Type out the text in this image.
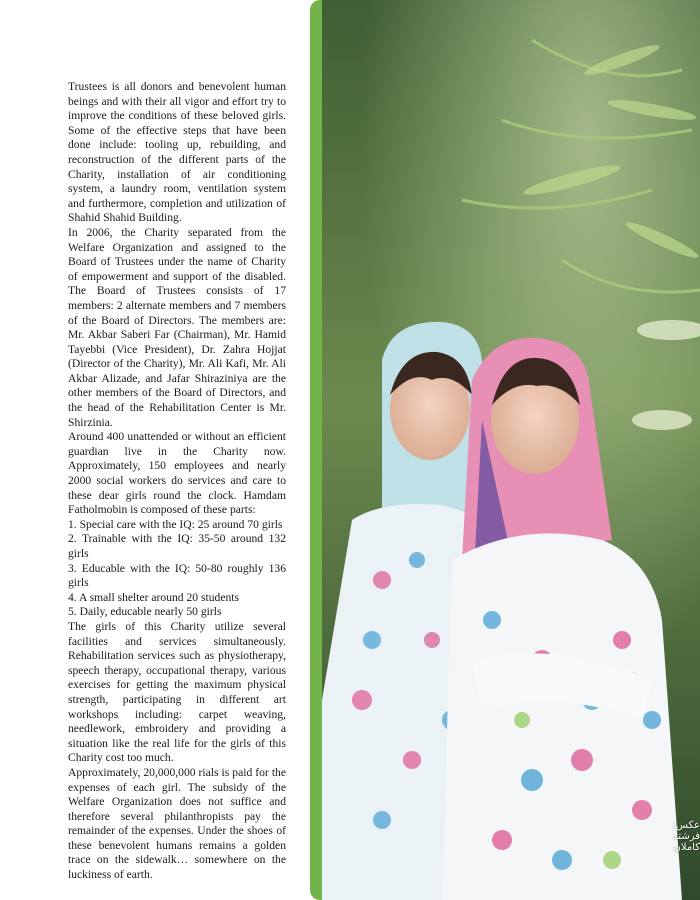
Trustees is all donors and benevolent human beings and with their all vigor and effort try to improve the conditions of these beloved girls. Some of the effective steps that have been done include: tooling up, rebuilding, and reconstruction of the different parts of the Charity, installation of air conditioning system, a laundry room, ventilation system and furthermore, completion and utilization of Shahid Shahid Building.

In 2006, the Charity separated from the Welfare Organization and assigned to the Board of Trustees under the name of Charity of empowerment and support of the disabled. The Board of Trustees consists of 17 members: 2 alternate members and 7 members of the Board of Directors. The members are: Mr. Akbar Saberi Far (Chairman), Mr. Hamid Tayebbi (Vice President), Dr. Zahra Hojjat (Director of the Charity), Mr. Ali Kafi, Mr. Ali Akbar Alizade, and Jafar Shiraziniya are the other members of the Board of Directors, and the head of the Rehabilitation Center is Mr. Shirzinia.

Around 400 unattended or without an efficient guardian live in the Charity now. Approximately, 150 employees and nearly 2000 social workers do services and care to these dear girls round the clock. Hamdam Fatholmobin is composed of these parts:

1. Special care with the IQ: 25 around 70 girls
2. Trainable with the IQ: 35-50 around 132 girls
3. Educable with the IQ: 50-80 roughly 136 girls
4. A small shelter around 20 students
5. Daily, educable nearly 50 girls

The girls of this Charity utilize several facilities and services simultaneously. Rehabilitation services such as physiotherapy, speech therapy, occupational therapy, various exercises for getting the maximum physical strength, participating in different art workshops including: carpet weaving, needlework, embroidery and providing a situation like the real life for the girls of this Charity cost too much.

Approximately, 20,000,000 rials is paid for the expenses of each girl. The subsidy of the Welfare Organization does not suffice and therefore several philanthropists pay the remainder of the expenses. Under the shoes of these benevolent humans remains a golden trace on the sidewalk… somewhere on the luckiness of earth.

عکس: فرشته کاملان
